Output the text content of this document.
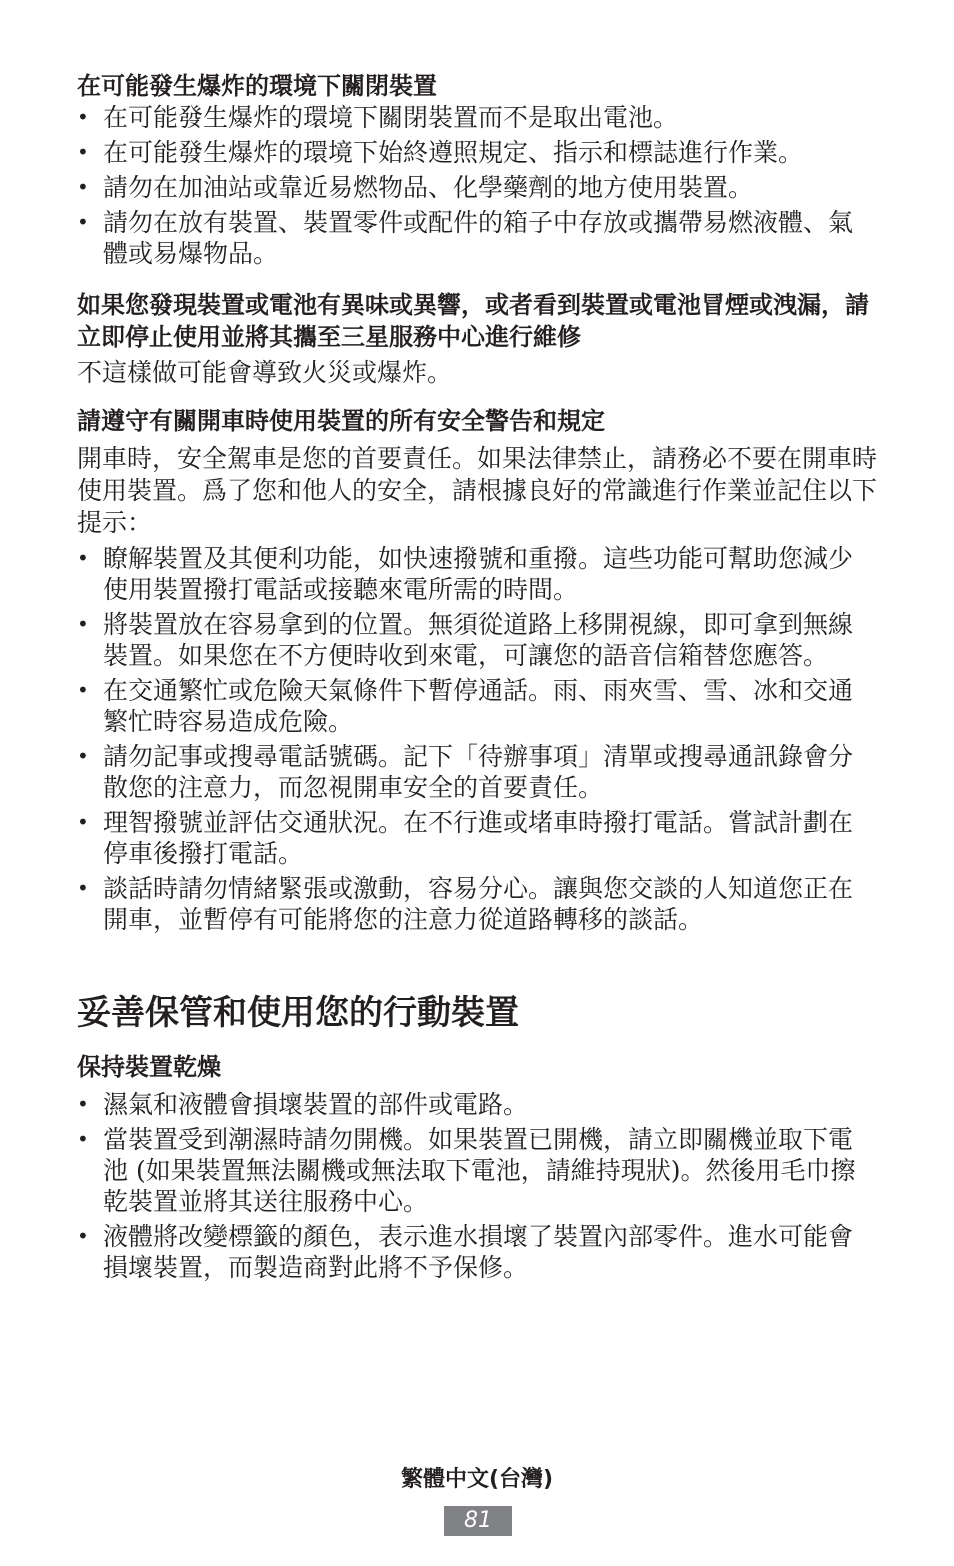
在可能發生爆炸的環境下關閉裝置
• 在可能發生爆炸的環境下關閉裝置而不是取出電池。
• 在可能發生爆炸的環境下始終遵照規定、指示和標誌進行作業。
• 請勿在加油站或靠近易燃物品、化學藥劑的地方使用裝置。
• 請勿在放有裝置、裝置零件或配件的箱子中存放或攜帶易燃液體、氣體或易爆物品。
如果您發現裝置或電池有異味或異響，或者看到裝置或電池冒煙或洩漏，請立即停止使用並將其攜至三星服務中心進行維修

不這樣做可能會導致火災或爆炸。

請遵守有關開車時使用裝置的所有安全警告和規定

開車時，安全駕車是您的首要責任。如果法律禁止，請務必不要在開車時使用裝置。爲了您和他人的安全，請根據良好的常識進行作業並記住以下提示：

• 瞭解裝置及其便利功能，如快速撥號和重撥。這些功能可幫助您減少使用裝置撥打電話或接聽來電所需的時間。
• 將裝置放在容易拿到的位置。無須從道路上移開視線，即可拿到無線裝置。如果您在不方便時收到來電，可讓您的語音信箱替您應答。
• 在交通繁忙或危險天氣條件下暫停通話。雨、雨夾雪、雪、冰和交通繁忙時容易造成危險。
• 請勿記事或搜尋電話號碼。記下「待辦事項」清單或搜尋通訊錄會分散您的注意力，而忽視開車安全的首要責任。
• 理智撥號並評估交通狀況。在不行進或堵車時撥打電話。嘗試計劃在停車後撥打電話。
• 談話時請勿情緒緊張或激動，容易分心。讓與您交談的人知道您正在開車，並暫停有可能將您的注意力從道路轉移的談話。
妥善保管和使用您的行動裝置
保持裝置乾燥
• 濕氣和液體會損壞裝置的部件或電路。
• 當裝置受到潮濕時請勿開機。如果裝置已開機，請立即關機並取下電池 (如果裝置無法關機或無法取下電池，請維持現狀)。然後用毛巾擦乾裝置並將其送往服務中心。
• 液體將改變標籤的顏色，表示進水損壞了裝置內部零件。進水可能會損壞裝置，而製造商對此將不予保修。
繁體中文(台灣)
81
